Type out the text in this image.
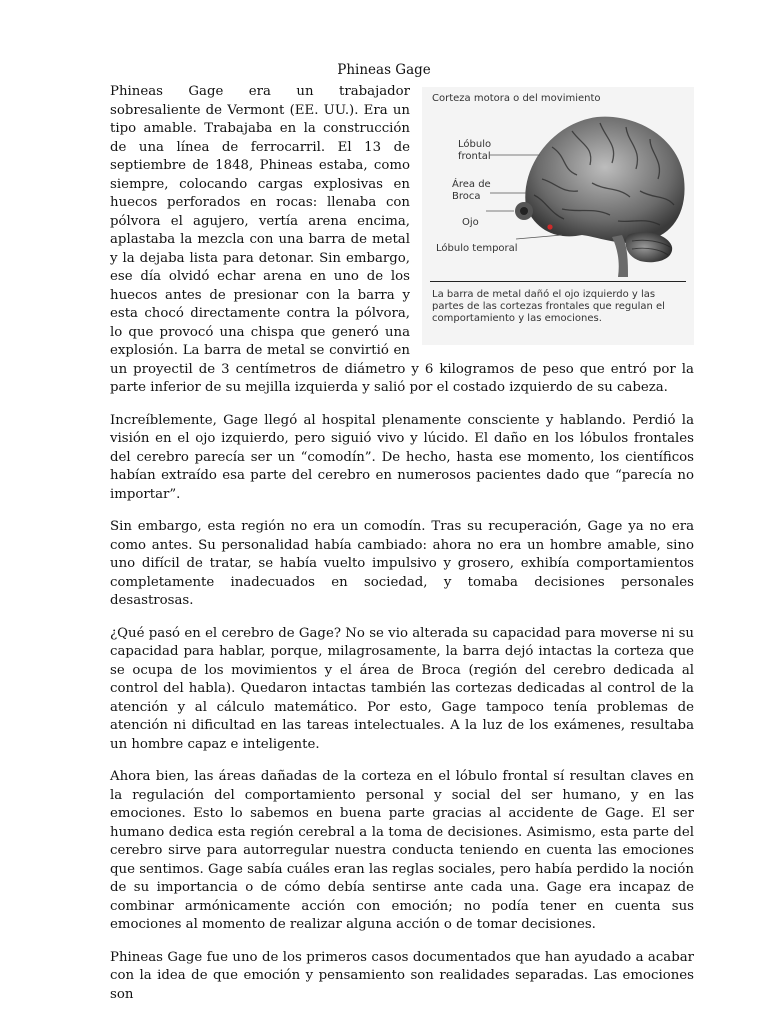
Phineas Gage

Corteza motora o del movimiento
Lóbulo
frontal
Área de
Broca
Ojo
Lóbulo temporal
La barra de metal dañó el ojo izquierdo y las partes de las cortezas frontales que regulan el comportamiento y las emociones.
Phineas Gage era un trabajador sobresaliente de Vermont (EE. UU.). Era un tipo amable. Trabajaba en la construcción de una línea de ferrocarril. El 13 de septiembre de 1848, Phineas estaba, como siempre, colocando cargas explosivas en huecos perforados en rocas: llenaba con pólvora el agujero, vertía arena encima, aplastaba la mezcla con una barra de metal y la dejaba lista para detonar. Sin embargo, ese día olvidó echar arena en uno de los huecos antes de presionar con la barra y esta chocó directamente contra la pólvora, lo que provocó una chispa que generó una explosión. La barra de metal se convirtió en un proyectil de 3 centímetros de diámetro y 6 kilogramos de peso que entró por la parte inferior de su mejilla izquierda y salió por el costado izquierdo de su cabeza.

Increíblemente, Gage llegó al hospital plenamente consciente y hablando. Perdió la visión en el ojo izquierdo, pero siguió vivo y lúcido. El daño en los lóbulos frontales del cerebro parecía ser un “comodín”. De hecho, hasta ese momento, los científicos habían extraído esa parte del cerebro en numerosos pacientes dado que “parecía no importar”.

Sin embargo, esta región no era un comodín. Tras su recuperación, Gage ya no era como antes. Su personalidad había cambiado: ahora no era un hombre amable, sino uno difícil de tratar, se había vuelto impulsivo y grosero, exhibía comportamientos completamente inadecuados en sociedad, y tomaba decisiones personales desastrosas.

¿Qué pasó en el cerebro de Gage? No se vio alterada su capacidad para moverse ni su capacidad para hablar, porque, milagrosamente, la barra dejó intactas la corteza que se ocupa de los movimientos y el área de Broca (región del cerebro dedicada al control del habla). Quedaron intactas también las cortezas dedicadas al control de la atención y al cálculo matemático. Por esto, Gage tampoco tenía problemas de atención ni dificultad en las tareas intelectuales. A la luz de los exámenes, resultaba un hombre capaz e inteligente.

Ahora bien, las áreas dañadas de la corteza en el lóbulo frontal sí resultan claves en la regulación del comportamiento personal y social del ser humano, y en las emociones. Esto lo sabemos en buena parte gracias al accidente de Gage. El ser humano dedica esta región cerebral a la toma de decisiones. Asimismo, esta parte del cerebro sirve para autorregular nuestra conducta teniendo en cuenta las emociones que sentimos. Gage sabía cuáles eran las reglas sociales, pero había perdido la noción de su importancia o de cómo debía sentirse ante cada una. Gage era incapaz de combinar armónicamente acción con emoción; no podía tener en cuenta sus emociones al momento de realizar alguna acción o de tomar decisiones.

Phineas Gage fue uno de los primeros casos documentados que han ayudado a acabar con la idea de que emoción y pensamiento son realidades separadas. Las emociones son
